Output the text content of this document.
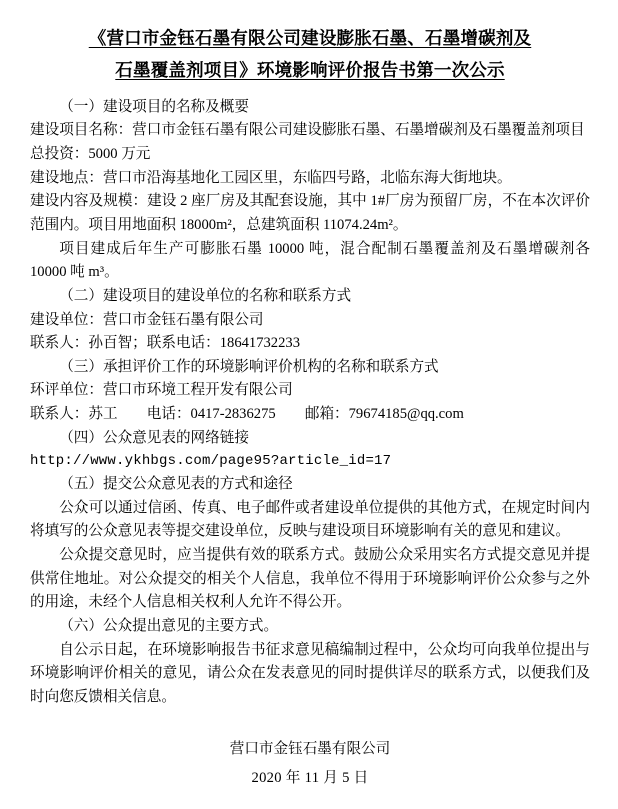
《营口市金钰石墨有限公司建设膨胀石墨、石墨增碳剂及
石墨覆盖剂项目》环境影响评价报告书第一次公示

（一）建设项目的名称及概要

建设项目名称：营口市金钰石墨有限公司建设膨胀石墨、石墨增碳剂及石墨覆盖剂项目

总投资：5000 万元

建设地点：营口市沿海基地化工园区里，东临四号路，北临东海大街地块。

建设内容及规模：建设 2 座厂房及其配套设施，其中 1#厂房为预留厂房，不在本次评价范围内。项目用地面积 18000m²，总建筑面积 11074.24m²。

项目建成后年生产可膨胀石墨 10000 吨，混合配制石墨覆盖剂及石墨增碳剂各 10000 吨 m³。

（二）建设项目的建设单位的名称和联系方式

建设单位：营口市金钰石墨有限公司

联系人：孙百智；联系电话：18641732233

（三）承担评价工作的环境影响评价机构的名称和联系方式

环评单位：营口市环境工程开发有限公司

联系人：苏工　　电话：0417-2836275　　邮箱：79674185@qq.com

（四）公众意见表的网络链接

http://www.ykhbgs.com/page95?article_id=17

（五）提交公众意见表的方式和途径

公众可以通过信函、传真、电子邮件或者建设单位提供的其他方式，在规定时间内将填写的公众意见表等提交建设单位，反映与建设项目环境影响有关的意见和建议。

公众提交意见时，应当提供有效的联系方式。鼓励公众采用实名方式提交意见并提供常住地址。对公众提交的相关个人信息，我单位不得用于环境影响评价公众参与之外的用途，未经个人信息相关权利人允许不得公开。

（六）公众提出意见的主要方式。

自公示日起，在环境影响报告书征求意见稿编制过程中，公众均可向我单位提出与环境影响评价相关的意见，请公众在发表意见的同时提供详尽的联系方式，以便我们及时向您反馈相关信息。

营口市金钰石墨有限公司
2020 年 11 月 5 日
